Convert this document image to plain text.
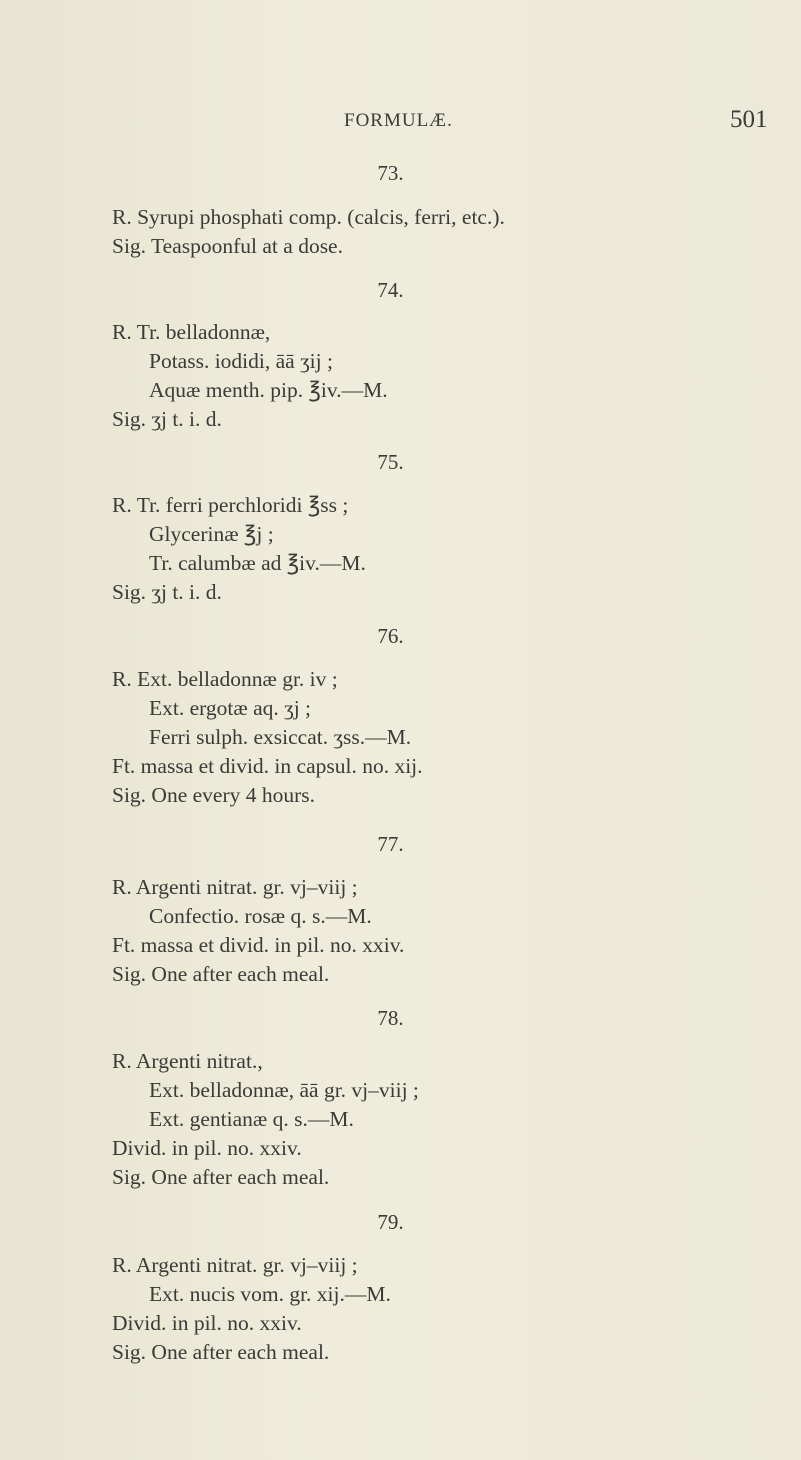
FORMULÆ.	501
73.
R. Syrupi phosphati comp. (calcis, ferri, etc.).
Sig. Teaspoonful at a dose.
74.
R. Tr. belladonnæ,
Potass. iodidi, āā ʒij ;
Aquæ menth. pip. ℥iv.—M.
Sig. ʒj t. i. d.
75.
R. Tr. ferri perchloridi ℥ss ;
Glycerinæ ℥j ;
Tr. calumbæ ad ℥iv.—M.
Sig. ʒj t. i. d.
76.
R. Ext. belladonnæ gr. iv ;
Ext. ergotæ aq. ʒj ;
Ferri sulph. exsiccat. ʒss.—M.
Ft. massa et divid. in capsul. no. xij.
Sig. One every 4 hours.
77.
R. Argenti nitrat. gr. vj–viij ;
Confectio. rosæ q. s.—M.
Ft. massa et divid. in pil. no. xxiv.
Sig. One after each meal.
78.
R. Argenti nitrat.,
Ext. belladonnæ, āā gr. vj–viij ;
Ext. gentianæ q. s.—M.
Divid. in pil. no. xxiv.
Sig. One after each meal.
79.
R. Argenti nitrat. gr. vj–viij ;
Ext. nucis vom. gr. xij.—M.
Divid. in pil. no. xxiv.
Sig. One after each meal.
